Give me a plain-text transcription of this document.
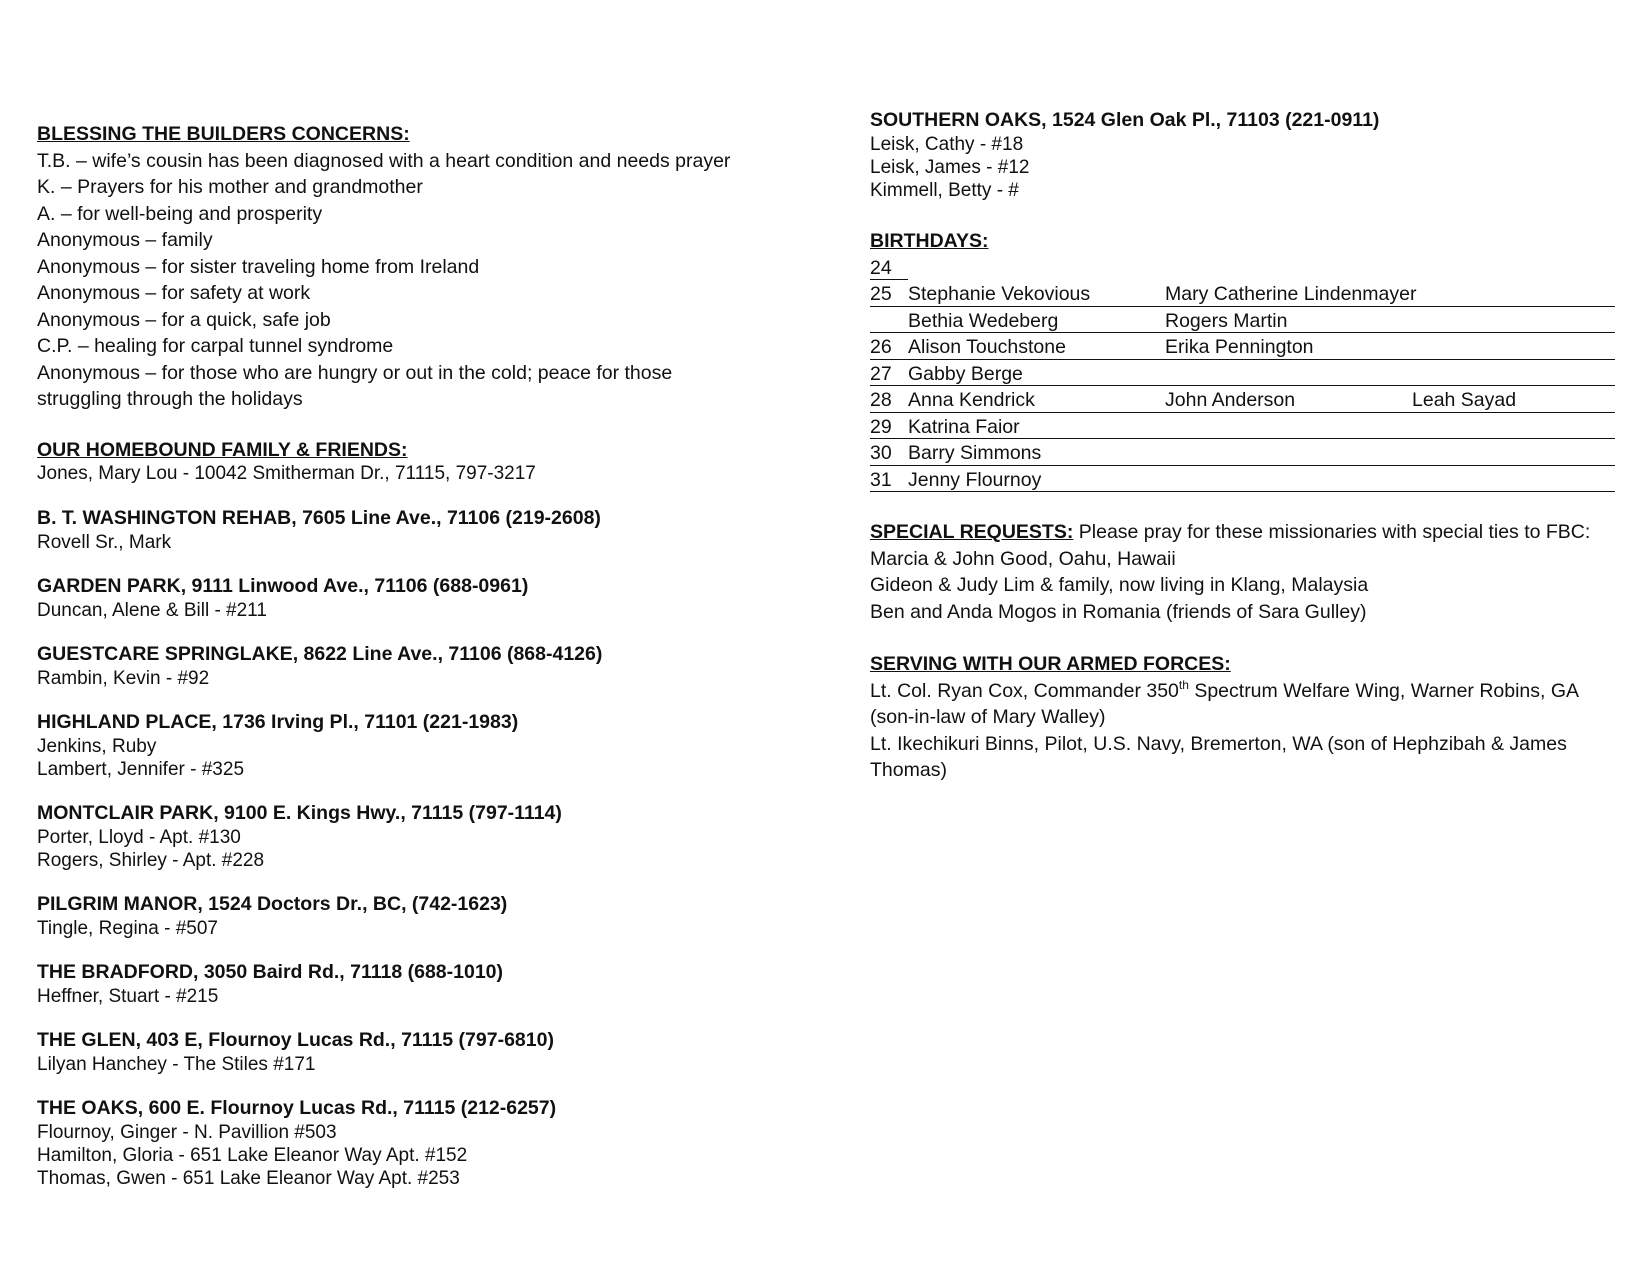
BLESSING THE BUILDERS CONCERNS:
T.B. – wife’s cousin has been diagnosed with a heart condition and needs prayer
K. – Prayers for his mother and grandmother
A. – for well-being and prosperity
Anonymous – family
Anonymous – for sister traveling home from Ireland
Anonymous – for safety at work
Anonymous – for a quick, safe job
C.P. – healing for carpal tunnel syndrome
Anonymous – for those who are hungry or out in the cold; peace for those
struggling through the holidays
OUR HOMEBOUND FAMILY & FRIENDS:
Jones, Mary Lou - 10042 Smitherman Dr., 71115, 797-3217
B. T. WASHINGTON REHAB, 7605 Line Ave., 71106 (219-2608)
Rovell Sr., Mark
GARDEN PARK, 9111 Linwood Ave., 71106 (688-0961)
Duncan, Alene & Bill - #211
GUESTCARE SPRINGLAKE, 8622 Line Ave., 71106 (868-4126)
Rambin, Kevin - #92
HIGHLAND PLACE, 1736 Irving Pl., 71101 (221-1983)
Jenkins, Ruby
Lambert, Jennifer - #325
MONTCLAIR PARK, 9100 E. Kings Hwy., 71115 (797-1114)
Porter, Lloyd - Apt. #130
Rogers, Shirley - Apt. #228
PILGRIM MANOR, 1524 Doctors Dr., BC, (742-1623)
Tingle, Regina - #507
THE BRADFORD, 3050 Baird Rd., 71118 (688-1010)
Heffner, Stuart - #215
THE GLEN, 403 E, Flournoy Lucas Rd., 71115 (797-6810)
Lilyan Hanchey - The Stiles #171
THE OAKS, 600 E. Flournoy Lucas Rd., 71115 (212-6257)
Flournoy, Ginger - N. Pavillion #503
Hamilton, Gloria - 651 Lake Eleanor Way Apt. #152
Thomas, Gwen - 651 Lake Eleanor Way Apt. #253
SOUTHERN OAKS, 1524 Glen Oak Pl., 71103 (221-0911)
Leisk, Cathy - #18
Leisk, James - #12
Kimmell, Betty - #
BIRTHDAYS:
24
25 Stephanie Vekovious	Mary Catherine Lindenmayer
Bethia Wedeberg	Rogers Martin
26 Alison Touchstone	Erika Pennington
27 Gabby Berge
28 Anna Kendrick	John Anderson	Leah Sayad
29 Katrina Faior
30 Barry Simmons
31 Jenny Flournoy
SPECIAL REQUESTS: Please pray for these missionaries with special ties to FBC:
Marcia & John Good, Oahu, Hawaii
Gideon & Judy Lim & family, now living in Klang, Malaysia
Ben and Anda Mogos in Romania (friends of Sara Gulley)
SERVING WITH OUR ARMED FORCES:
Lt. Col. Ryan Cox, Commander 350th Spectrum Welfare Wing, Warner Robins, GA
(son-in-law of Mary Walley)
Lt. Ikechikuri Binns, Pilot, U.S. Navy, Bremerton, WA (son of Hephzibah & James
Thomas)
